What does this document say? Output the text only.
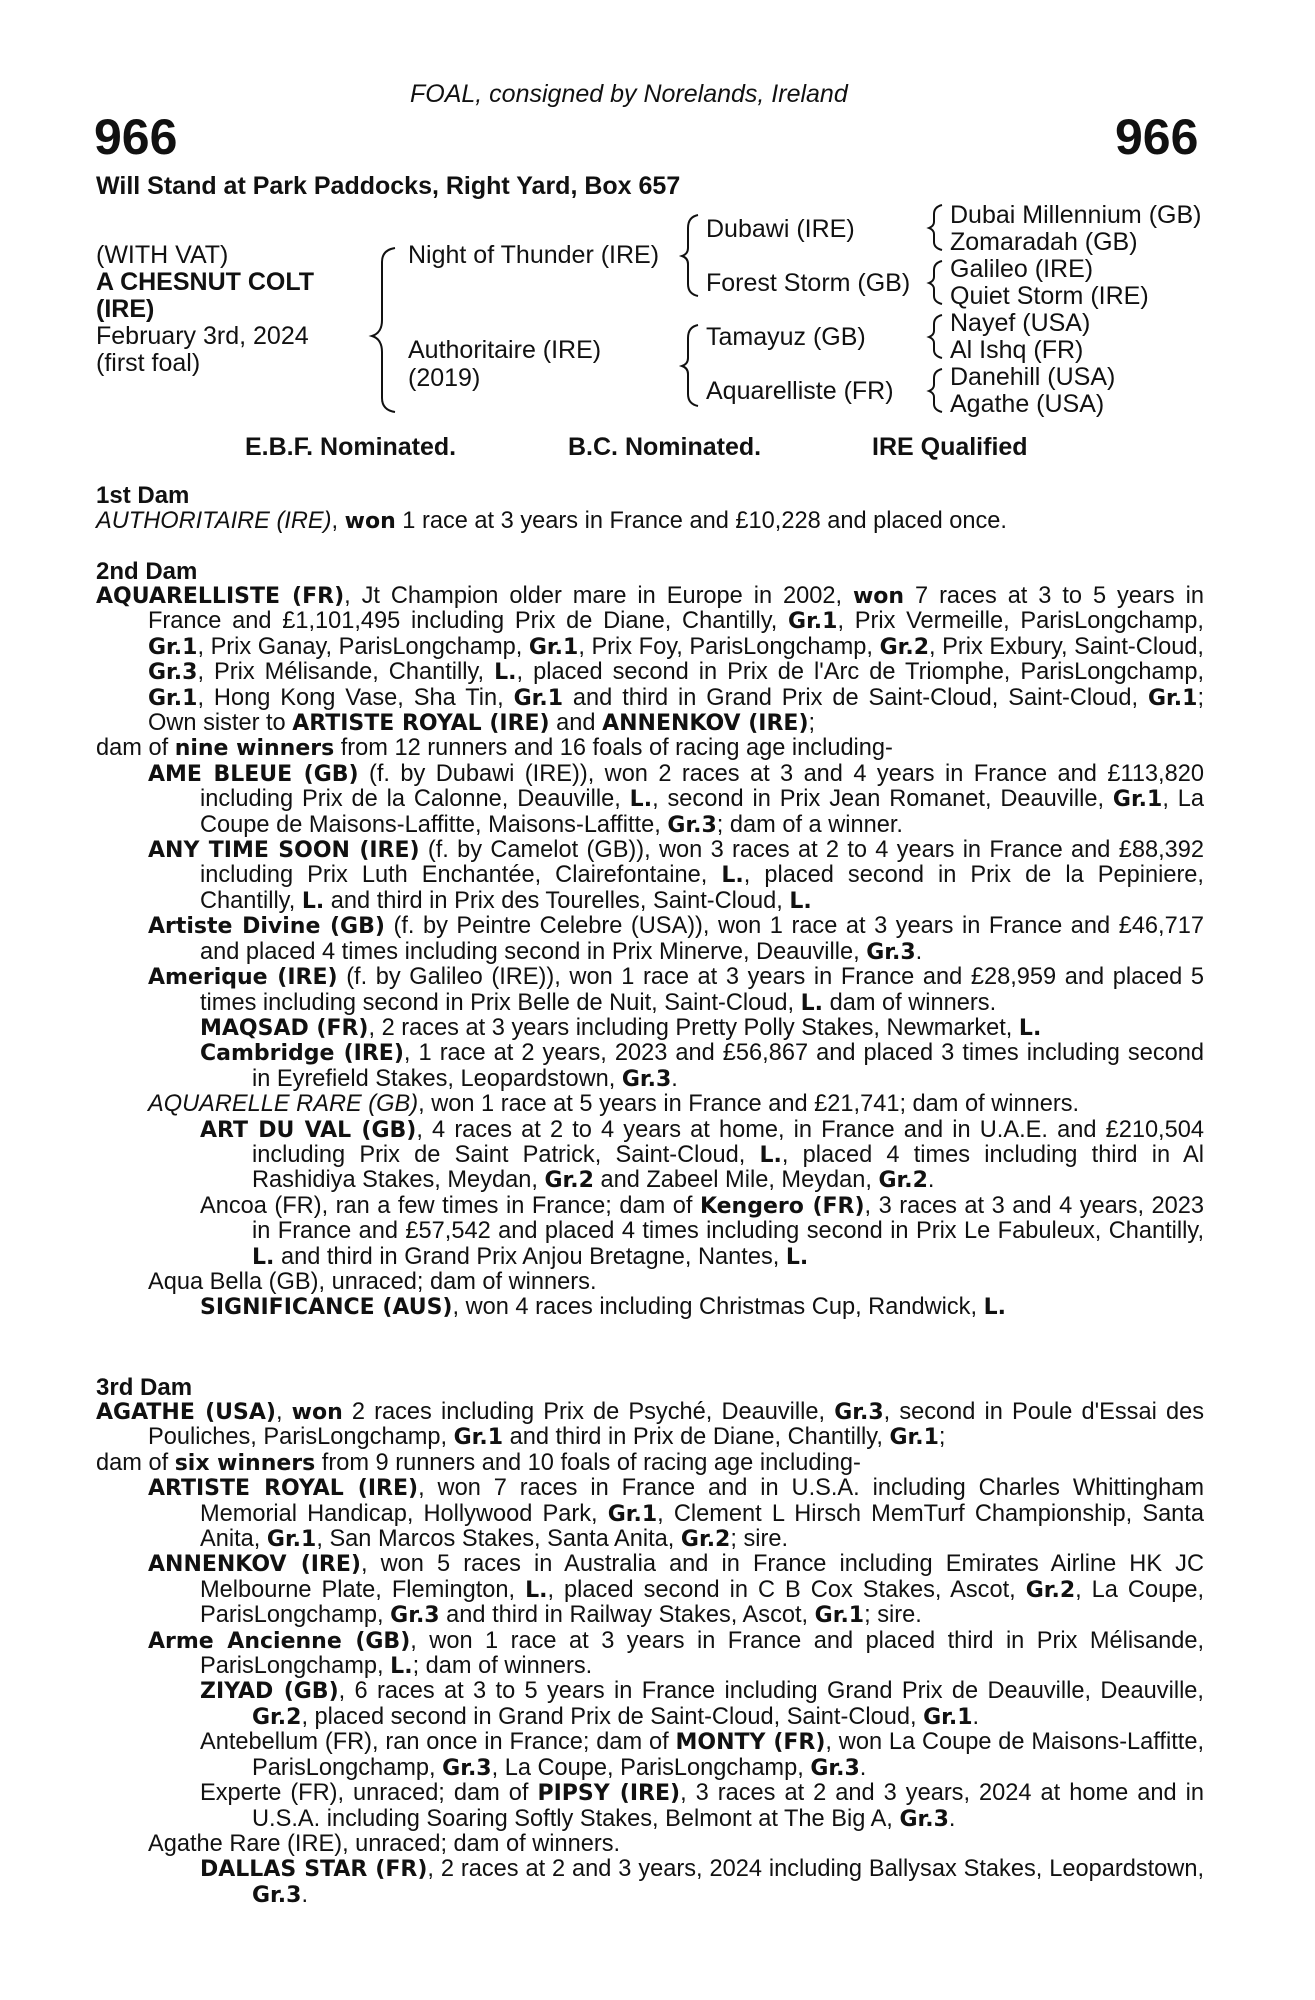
FOAL, consigned by Norelands, Ireland
966	966
Will Stand at Park Paddocks, Right Yard, Box 657
(WITH VAT)
A CHESNUT COLT
(IRE)
February 3rd, 2024
(first foal)
Night of Thunder (IRE)
Authoritaire (IRE)
(2019)
Dubawi (IRE)
Forest Storm (GB)
Tamayuz (GB)
Aquarelliste (FR)
Dubai Millennium (GB)
Zomaradah (GB)
Galileo (IRE)
Quiet Storm (IRE)
Nayef (USA)
Al Ishq (FR)
Danehill (USA)
Agathe (USA)
E.B.F. Nominated.	B.C. Nominated.	IRE Qualified
1st Dam
AUTHORITAIRE (IRE), won 1 race at 3 years in France and £10,228 and placed once.
2nd Dam

AQUARELLISTE (FR), Jt Champion older mare in Europe in 2002, won 7 races at 3 to 5 years in France and £1,101,495 including Prix de Diane, Chantilly, Gr.1, Prix Vermeille, ParisLongchamp, Gr.1, Prix Ganay, ParisLongchamp, Gr.1, Prix Foy, ParisLongchamp, Gr.2, Prix Exbury, Saint-Cloud, Gr.3, Prix Mélisande, Chantilly, L., placed second in Prix de l'Arc de Triomphe, ParisLongchamp, Gr.1, Hong Kong Vase, Sha Tin, Gr.1 and third in Grand Prix de Saint-Cloud, Saint-Cloud, Gr.1; Own sister to ARTISTE ROYAL (IRE) and ANNENKOV (IRE);

dam of nine winners from 12 runners and 16 foals of racing age including-

AME BLEUE (GB) (f. by Dubawi (IRE)), won 2 races at 3 and 4 years in France and £113,820 including Prix de la Calonne, Deauville, L., second in Prix Jean Romanet, Deauville, Gr.1, La Coupe de Maisons-Laffitte, Maisons-Laffitte, Gr.3; dam of a winner.

ANY TIME SOON (IRE) (f. by Camelot (GB)), won 3 races at 2 to 4 years in France and £88,392 including Prix Luth Enchantée, Clairefontaine, L., placed second in Prix de la Pepiniere, Chantilly, L. and third in Prix des Tourelles, Saint-Cloud, L.

Artiste Divine (GB) (f. by Peintre Celebre (USA)), won 1 race at 3 years in France and £46,717 and placed 4 times including second in Prix Minerve, Deauville, Gr.3.

Amerique (IRE) (f. by Galileo (IRE)), won 1 race at 3 years in France and £28,959 and placed 5 times including second in Prix Belle de Nuit, Saint-Cloud, L. dam of winners.

MAQSAD (FR), 2 races at 3 years including Pretty Polly Stakes, Newmarket, L.

Cambridge (IRE), 1 race at 2 years, 2023 and £56,867 and placed 3 times including second in Eyrefield Stakes, Leopardstown, Gr.3.

AQUARELLE RARE (GB), won 1 race at 5 years in France and £21,741; dam of winners.

ART DU VAL (GB), 4 races at 2 to 4 years at home, in France and in U.A.E. and £210,504 including Prix de Saint Patrick, Saint-Cloud, L., placed 4 times including third in Al Rashidiya Stakes, Meydan, Gr.2 and Zabeel Mile, Meydan, Gr.2.

Ancoa (FR), ran a few times in France; dam of Kengero (FR), 3 races at 3 and 4 years, 2023 in France and £57,542 and placed 4 times including second in Prix Le Fabuleux, Chantilly, L. and third in Grand Prix Anjou Bretagne, Nantes, L.

Aqua Bella (GB), unraced; dam of winners.

SIGNIFICANCE (AUS), won 4 races including Christmas Cup, Randwick, L.

3rd Dam

AGATHE (USA), won 2 races including Prix de Psyché, Deauville, Gr.3, second in Poule d'Essai des Pouliches, ParisLongchamp, Gr.1 and third in Prix de Diane, Chantilly, Gr.1;

dam of six winners from 9 runners and 10 foals of racing age including-

ARTISTE ROYAL (IRE), won 7 races in France and in U.S.A. including Charles Whittingham Memorial Handicap, Hollywood Park, Gr.1, Clement L Hirsch MemTurf Championship, Santa Anita, Gr.1, San Marcos Stakes, Santa Anita, Gr.2; sire.

ANNENKOV (IRE), won 5 races in Australia and in France including Emirates Airline HK JC Melbourne Plate, Flemington, L., placed second in C B Cox Stakes, Ascot, Gr.2, La Coupe, ParisLongchamp, Gr.3 and third in Railway Stakes, Ascot, Gr.1; sire.

Arme Ancienne (GB), won 1 race at 3 years in France and placed third in Prix Mélisande, ParisLongchamp, L.; dam of winners.

ZIYAD (GB), 6 races at 3 to 5 years in France including Grand Prix de Deauville, Deauville, Gr.2, placed second in Grand Prix de Saint-Cloud, Saint-Cloud, Gr.1.

Antebellum (FR), ran once in France; dam of MONTY (FR), won La Coupe de Maisons-Laffitte, ParisLongchamp, Gr.3, La Coupe, ParisLongchamp, Gr.3.

Experte (FR), unraced; dam of PIPSY (IRE), 3 races at 2 and 3 years, 2024 at home and in U.S.A. including Soaring Softly Stakes, Belmont at The Big A, Gr.3.

Agathe Rare (IRE), unraced; dam of winners.

DALLAS STAR (FR), 2 races at 2 and 3 years, 2024 including Ballysax Stakes, Leopardstown, Gr.3.
